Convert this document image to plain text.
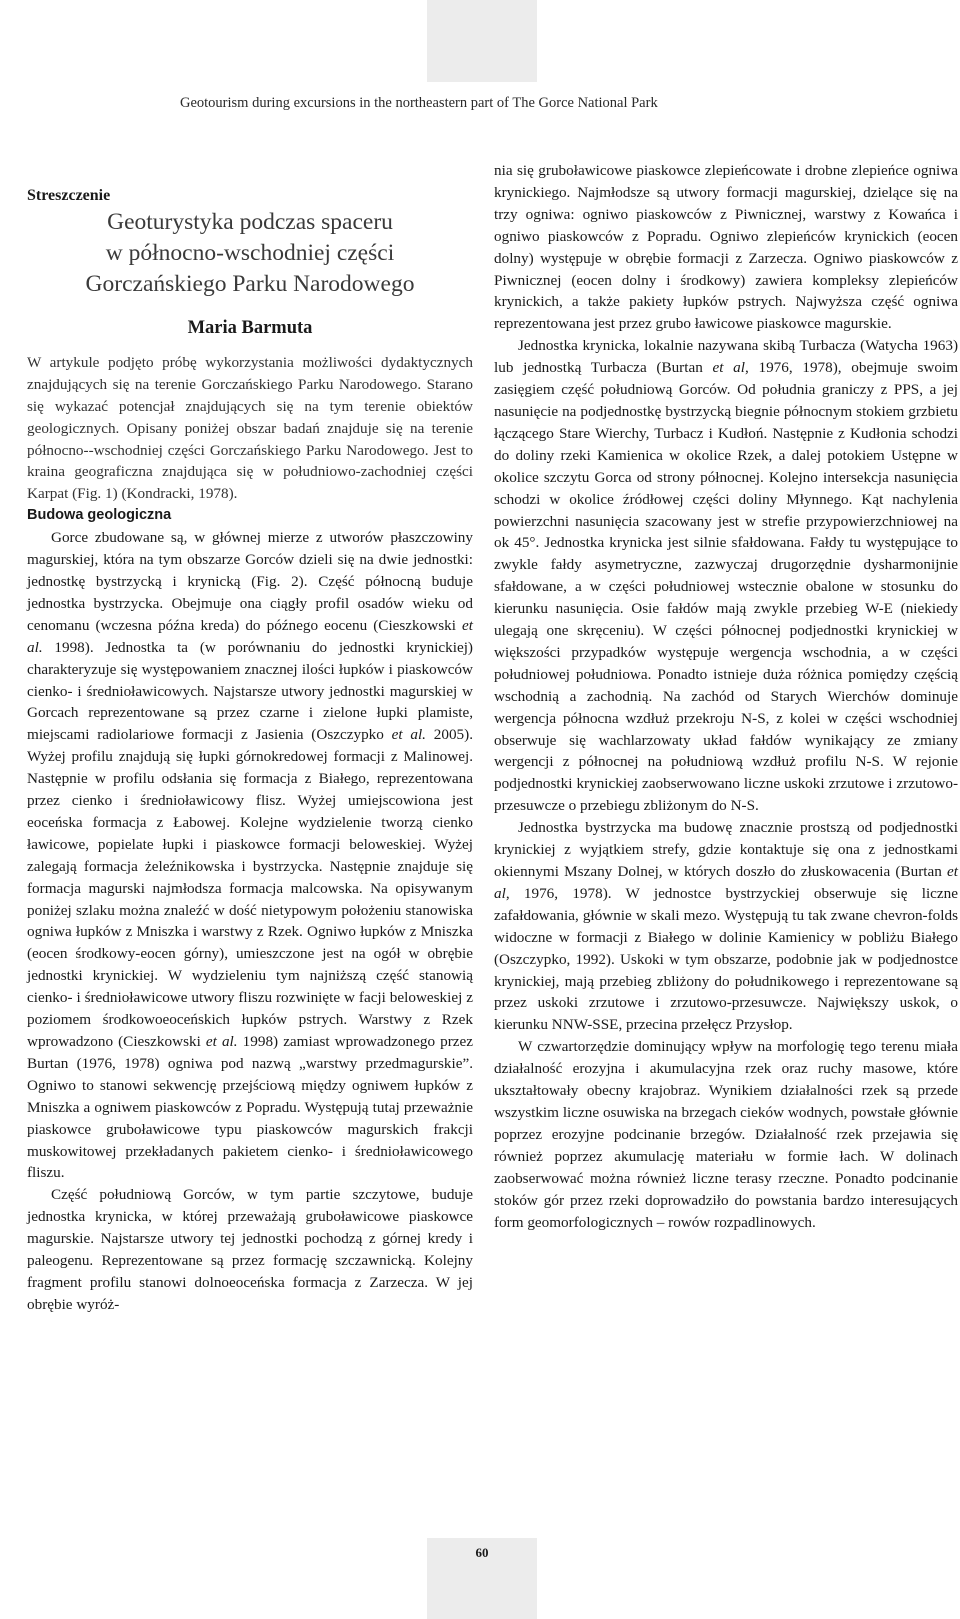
Geotourism during excursions in the northeastern part of The Gorce National Park

Streszczenie

Geoturystyka podczas spaceru
w północno-wschodniej części
Gorczańskiego Parku Narodowego
Maria Barmuta

W artykule podjęto próbę wykorzystania możliwości dydaktycznych znajdujących się na terenie Gorczańskiego Parku Narodowego. Starano się wykazać potencjał znajdujących się na tym terenie obiektów geologicznych. Opisany poniżej obszar badań znajduje się na terenie północno--wschodniej części Gorczańskiego Parku Narodowego. Jest to kraina geograficzna znajdująca się w południowo-zachodniej części Karpat (Fig. 1) (Kondracki, 1978).

Budowa geologiczna

Gorce zbudowane są, w głównej mierze z utworów płaszczowiny magurskiej, która na tym obszarze Gorców dzieli się na dwie jednostki: jednostkę bystrzycką i krynicką (Fig. 2). Część północną buduje jednostka bystrzycka. Obejmuje ona ciągły profil osadów wieku od cenomanu (wczesna późna kreda) do późnego eocenu (Cieszkowski et al. 1998). Jednostka ta (w porównaniu do jednostki krynickiej) charakteryzuje się występowaniem znacznej ilości łupków i piaskowców cienko- i średnioławicowych. Najstarsze utwory jednostki magurskiej w Gorcach reprezentowane są przez czarne i zielone łupki plamiste, miejscami radiolariowe formacji z Jasienia (Oszczypko et al. 2005). Wyżej profilu znajdują się łupki górnokredowej formacji z Malinowej. Następnie w profilu odsłania się formacja z Białego, reprezentowana przez cienko i średnioławicowy flisz. Wyżej umiejscowiona jest eoceńska formacja z Łabowej. Kolejne wydzielenie tworzą cienko ławicowe, popielate łupki i piaskowce formacji beloweskiej. Wyżej zalegają formacja żeleźnikowska i bystrzycka. Następnie znajduje się formacja magurski najmłodsza formacja malcowska. Na opisywanym poniżej szlaku można znaleźć w dość nietypowym położeniu stanowiska ogniwa łupków z Mniszka i warstwy z Rzek. Ogniwo łupków z Mniszka (eocen środkowy-eocen górny), umieszczone jest na ogół w obrębie jednostki krynickiej. W wydzieleniu tym najniższą część stanowią cienko- i średnioławicowe utwory fliszu rozwinięte w facji beloweskiej z poziomem środkowoeoceńskich łupków pstrych. Warstwy z Rzek wprowadzono (Cieszkowski et al. 1998) zamiast wprowadzonego przez Burtan (1976, 1978) ogniwa pod nazwą „warstwy przedmagurskie”. Ogniwo to stanowi sekwencję przejściową między ogniwem łupków z Mniszka a ogniwem piaskowców z Popradu. Występują tutaj przeważnie piaskowce gruboławicowe typu piaskowców magurskich frakcji muskowitowej przekładanych pakietem cienko- i średnioławicowego fliszu.

Część południową Gorców, w tym partie szczytowe, buduje jednostka krynicka, w której przeważają gruboławicowe piaskowce magurskie. Najstarsze utwory tej jednostki pochodzą z górnej kredy i paleogenu. Reprezentowane są przez formację szczawnicką. Kolejny fragment profilu stanowi dolnoeoceńska formacja z Zarzecza. W jej obrębie wyróż-

nia się gruboławicowe piaskowce zlepieńcowate i drobne zlepieńce ogniwa krynickiego. Najmłodsze są utwory formacji magurskiej, dzielące się na trzy ogniwa: ogniwo piaskowców z Piwnicznej, warstwy z Kowańca i ogniwo piaskowców z Popradu. Ogniwo zlepieńców krynickich (eocen dolny) występuje w obrębie formacji z Zarzecza. Ogniwo piaskowców z Piwnicznej (eocen dolny i środkowy) zawiera kompleksy zlepieńców krynickich, a także pakiety łupków pstrych. Najwyższa część ogniwa reprezentowana jest przez grubo ławicowe piaskowce magurskie.

Jednostka krynicka, lokalnie nazywana skibą Turbacza (Watycha 1963) lub jednostką Turbacza (Burtan et al, 1976, 1978), obejmuje swoim zasięgiem część południową Gorców. Od południa graniczy z PPS, a jej nasunięcie na podjednostkę bystrzycką biegnie północnym stokiem grzbietu łączącego Stare Wierchy, Turbacz i Kudłoń. Następnie z Kudłonia schodzi do doliny rzeki Kamienica w okolice Rzek, a dalej potokiem Ustępne w okolice szczytu Gorca od strony północnej. Kolejno intersekcja nasunięcia schodzi w okolice źródłowej części doliny Młynnego. Kąt nachylenia powierzchni nasunięcia szacowany jest w strefie przypowierzchniowej na ok 45°. Jednostka krynicka jest silnie sfałdowana. Fałdy tu występujące to zwykle fałdy asymetryczne, zazwyczaj drugorzędnie dysharmonijnie sfałdowane, a w części południowej wstecznie obalone w stosunku do kierunku nasunięcia. Osie fałdów mają zwykle przebieg W-E (niekiedy ulegają one skręceniu). W części północnej podjednostki krynickiej w większości przypadków występuje wergencja wschodnia, a w części południowej południowa. Ponadto istnieje duża różnica pomiędzy częścią wschodnią a zachodnią. Na zachód od Starych Wierchów dominuje wergencja północna wzdłuż przekroju N-S, z kolei w części wschodniej obserwuje się wachlarzowaty układ fałdów wynikający ze zmiany wergencji z północnej na południową wzdłuż profilu N-S. W rejonie podjednostki krynickiej zaobserwowano liczne uskoki zrzutowe i zrzutowo-przesuwcze o przebiegu zbliżonym do N-S.

Jednostka bystrzycka ma budowę znacznie prostszą od podjednostki krynickiej z wyjątkiem strefy, gdzie kontaktuje się ona z jednostkami okiennymi Mszany Dolnej, w których doszło do złuskowacenia (Burtan et al, 1976, 1978). W jednostce bystrzyckiej obserwuje się liczne zafałdowania, głównie w skali mezo. Występują tu tak zwane chevron-folds widoczne w formacji z Białego w dolinie Kamienicy w pobliżu Białego (Oszczypko, 1992). Uskoki w tym obszarze, podobnie jak w podjednostce krynickiej, mają przebieg zbliżony do południkowego i reprezentowane są przez uskoki zrzutowe i zrzutowo-przesuwcze. Największy uskok, o kierunku NNW-SSE, przecina przełęcz Przysłop.

W czwartorzędzie dominujący wpływ na morfologię tego terenu miała działalność erozyjna i akumulacyjna rzek oraz ruchy masowe, które ukształtowały obecny krajobraz. Wynikiem działalności rzek są przede wszystkim liczne osuwiska na brzegach cieków wodnych, powstałe głównie poprzez erozyjne podcinanie brzegów. Działalność rzek przejawia się również poprzez akumulację materiału w formie łach. W dolinach zaobserwować można również liczne terasy rzeczne. Ponadto podcinanie stoków gór przez rzeki doprowadziło do powstania bardzo interesujących form geomorfologicznych – rowów rozpadlinowych.

60
